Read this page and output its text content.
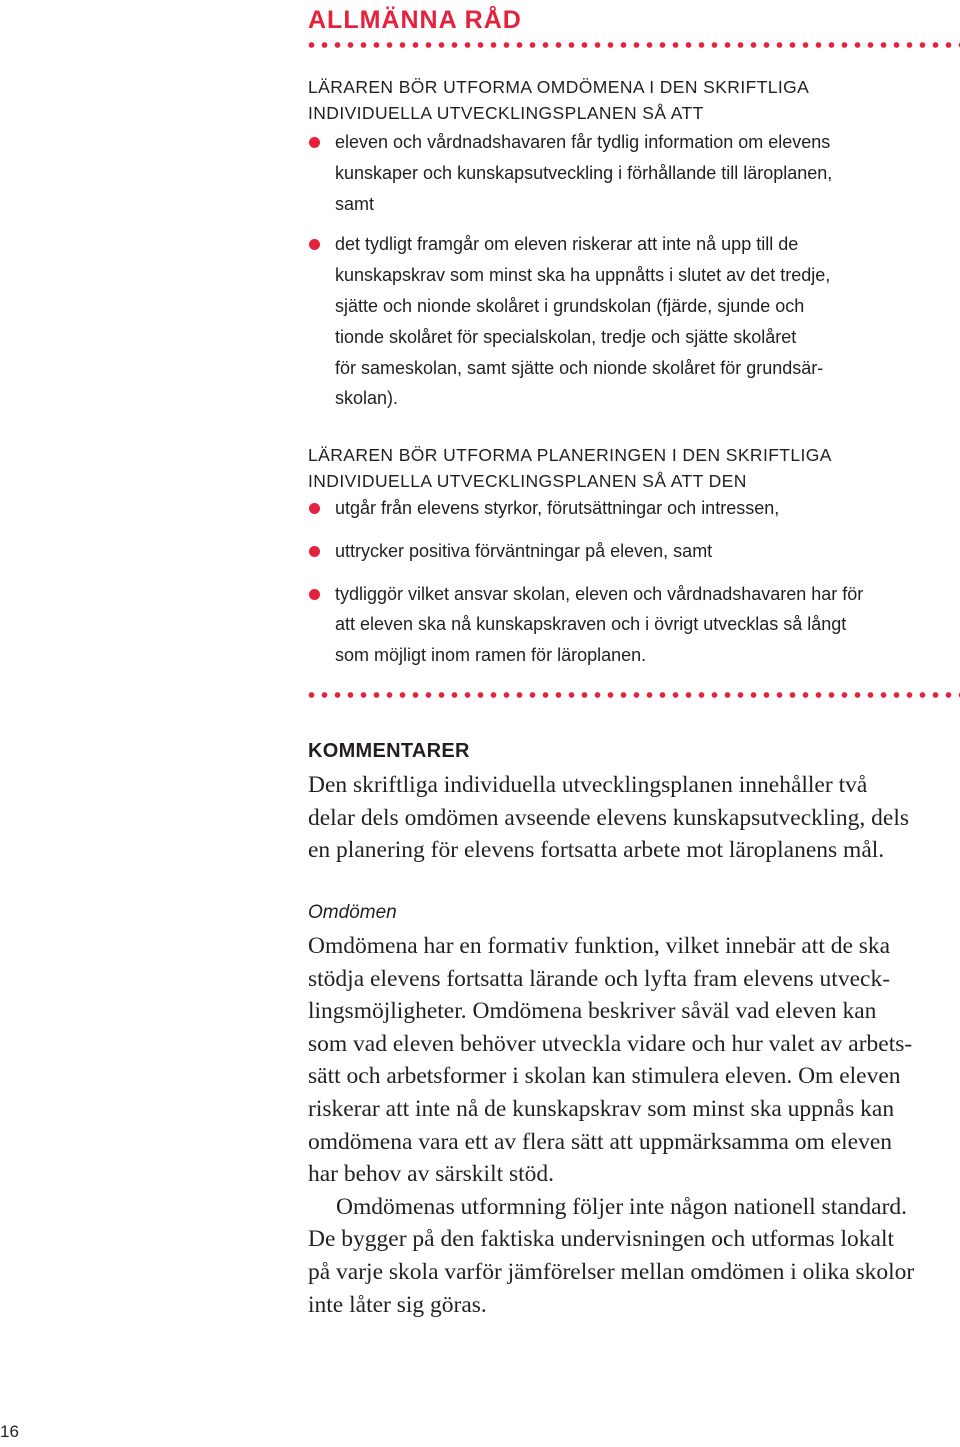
ALLMÄNNA RÅD

LÄRAREN BÖR UTFORMA OMDÖMENA I DEN SKRIFTLIGA
INDIVIDUELLA UTVECKLINGSPLANEN SÅ ATT

eleven och vårdnadshavaren får tydlig information om elevens
kunskaper och kunskapsutveckling i förhållande till läroplanen,
samt
det tydligt framgår om eleven riskerar att inte nå upp till de
kunskapskrav som minst ska ha uppnåtts i slutet av det tredje,
sjätte och nionde skolåret i grundskolan (fjärde, sjunde och
tionde skolåret för specialskolan, tredje och sjätte skolåret
för sameskolan, samt sjätte och nionde skolåret för grundsär-
skolan).

LÄRAREN BÖR UTFORMA PLANERINGEN I DEN SKRIFTLIGA
INDIVIDUELLA UTVECKLINGSPLANEN SÅ ATT DEN

utgår från elevens styrkor, förutsättningar och intressen,
uttrycker positiva förväntningar på eleven, samt
tydliggör vilket ansvar skolan, eleven och vårdnadshavaren har för
att eleven ska nå kunskapskraven och i övrigt utvecklas så långt
som möjligt inom ramen för läroplanen.
KOMMENTARER

Den skriftliga individuella utvecklingsplanen innehåller två
delar dels omdömen avseende elevens kunskapsutveckling, dels
en planering för elevens fortsatta arbete mot läroplanens mål.

Omdömen

Omdömena har en formativ funktion, vilket innebär att de ska
stödja elevens fortsatta lärande och lyfta fram elevens utveck-
lingsmöjligheter. Omdömena beskriver såväl vad eleven kan
som vad eleven behöver utveckla vidare och hur valet av arbets-
sätt och arbetsformer i skolan kan stimulera eleven. Om eleven
riskerar att inte nå de kunskapskrav som minst ska uppnås kan
omdömena vara ett av flera sätt att uppmärksamma om eleven
har behov av särskilt stöd.

Omdömenas utformning följer inte någon nationell standard.
De bygger på den faktiska undervisningen och utformas lokalt
på varje skola varför jämförelser mellan omdömen i olika skolor
inte låter sig göras.

16
